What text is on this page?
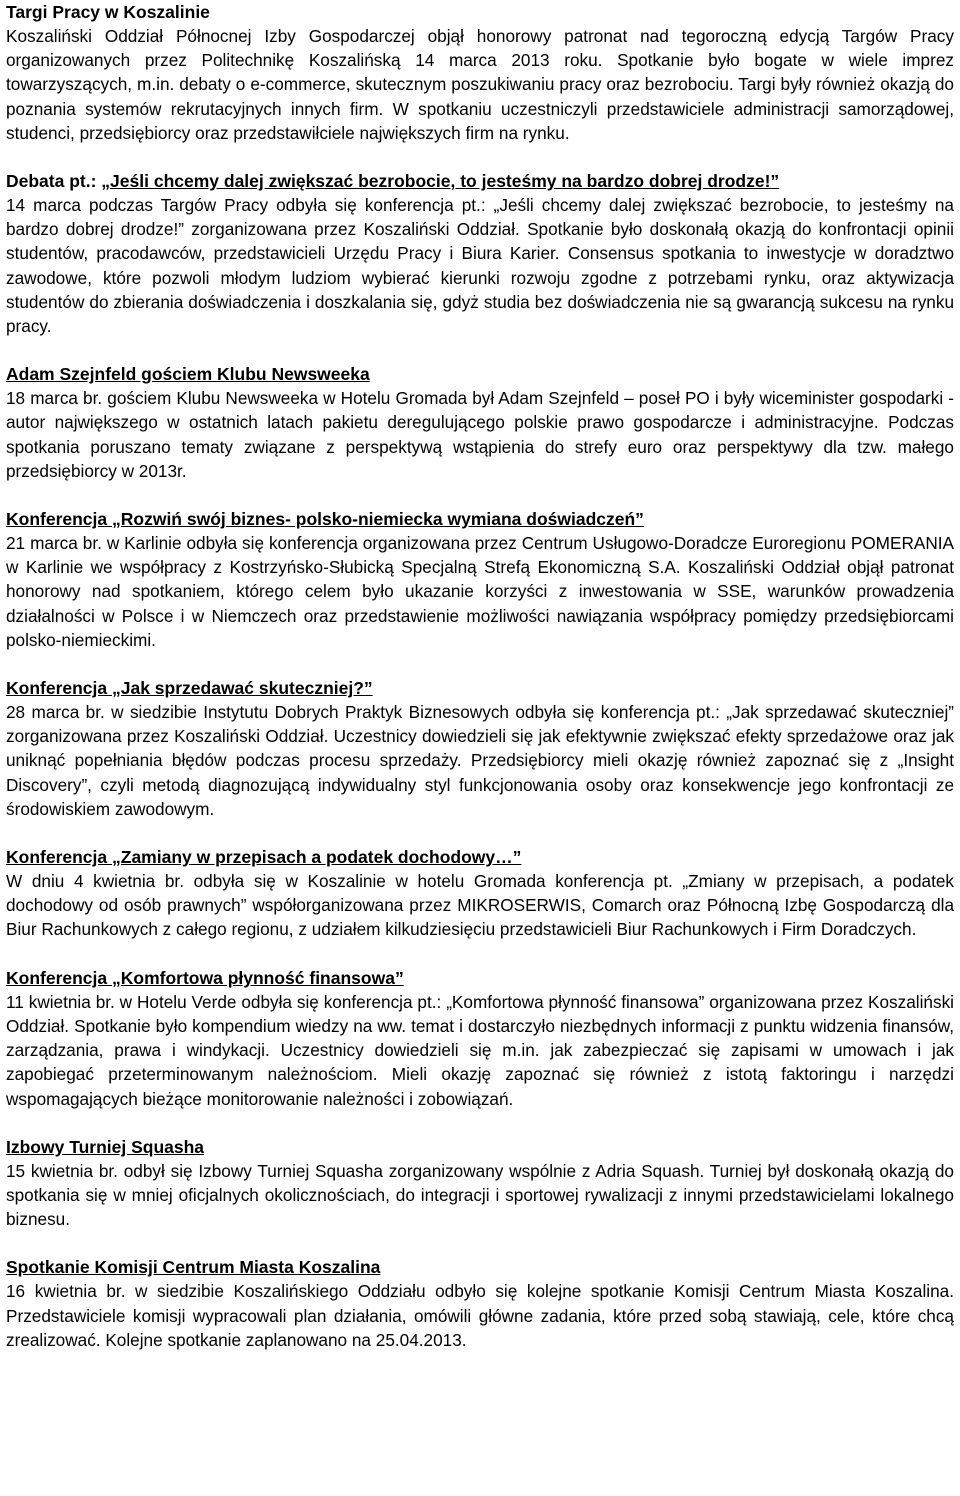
Targi Pracy w Koszalinie

Koszaliński Oddział Północnej Izby Gospodarczej objął honorowy patronat nad tegoroczną edycją Targów Pracy organizowanych przez Politechnikę Koszalińską 14 marca 2013 roku. Spotkanie było bogate w wiele imprez towarzyszących, m.in. debaty o e-commerce, skutecznym poszukiwaniu pracy oraz bezrobociu. Targi były również okazją do poznania systemów rekrutacyjnych innych firm. W spotkaniu uczestniczyli przedstawiciele administracji samorządowej, studenci, przedsiębiorcy oraz przedstawiłciele największych firm na rynku.

Debata pt.: „Jeśli chcemy dalej zwiększać bezrobocie, to jesteśmy na bardzo dobrej drodze!”

14 marca podczas Targów Pracy odbyła się konferencja pt.: „Jeśli chcemy dalej zwiększać bezrobocie, to jesteśmy na bardzo dobrej drodze!” zorganizowana przez Koszaliński Oddział. Spotkanie było doskonałą okazją do konfrontacji opinii studentów, pracodawców, przedstawicieli Urzędu Pracy i Biura Karier. Consensus spotkania to inwestycje w doradztwo zawodowe, które pozwoli młodym ludziom wybierać kierunki rozwoju zgodne z potrzebami rynku, oraz aktywizacja studentów do zbierania doświadczenia i doszkalania się, gdyż studia bez doświadczenia nie są gwarancją sukcesu na rynku pracy.

Adam Szejnfeld gościem Klubu Newsweeka

18 marca br. gościem Klubu Newsweeka w Hotelu Gromada był Adam Szejnfeld – poseł PO i były wiceminister gospodarki - autor największego w ostatnich latach pakietu deregulującego polskie prawo gospodarcze i administracyjne. Podczas spotkania poruszano tematy związane z perspektywą wstąpienia do strefy euro oraz perspektywy dla tzw. małego przedsiębiorcy w 2013r.

Konferencja „Rozwiń swój biznes- polsko-niemiecka wymiana doświadczeń”

21 marca br. w Karlinie odbyła się konferencja organizowana przez Centrum Usługowo-Doradcze Euroregionu POMERANIA w Karlinie we współpracy z Kostrzyńsko-Słubicką Specjalną Strefą Ekonomiczną S.A. Koszaliński Oddział objął patronat honorowy nad spotkaniem, którego celem było ukazanie korzyści z inwestowania w SSE, warunków prowadzenia działalności w Polsce i w Niemczech oraz przedstawienie możliwości nawiązania współpracy pomiędzy przedsiębiorcami polsko-niemieckimi.

Konferencja „Jak sprzedawać skuteczniej?”

28 marca br. w siedzibie Instytutu Dobrych Praktyk Biznesowych odbyła się konferencja pt.: „Jak sprzedawać skuteczniej” zorganizowana przez Koszaliński Oddział. Uczestnicy dowiedzieli się jak efektywnie zwiększać efekty sprzedażowe oraz jak uniknąć popełniania błędów podczas procesu sprzedaży. Przedsiębiorcy mieli okazję również zapoznać się z „Insight Discovery”, czyli metodą diagnozującą indywidualny styl funkcjonowania osoby oraz konsekwencje jego konfrontacji ze środowiskiem zawodowym.

Konferencja „Zamiany w przepisach a podatek dochodowy…”

W dniu 4 kwietnia br. odbyła się w Koszalinie w hotelu Gromada konferencja pt. „Zmiany w przepisach, a podatek dochodowy od osób prawnych” współorganizowana przez MIKROSERWIS, Comarch oraz Północną Izbę Gospodarczą dla Biur Rachunkowych z całego regionu, z udziałem kilkudziesięciu przedstawicieli Biur Rachunkowych i Firm Doradczych.

Konferencja „Komfortowa płynność finansowa”

11 kwietnia br. w Hotelu Verde odbyła się konferencja pt.: „Komfortowa płynność finansowa” organizowana przez Koszaliński Oddział. Spotkanie było kompendium wiedzy na ww. temat i dostarczyło niezbędnych informacji z punktu widzenia finansów, zarządzania, prawa i windykacji. Uczestnicy dowiedzieli się m.in. jak zabezpieczać się zapisami w umowach i jak zapobiegać przeterminowanym należnościom. Mieli okazję zapoznać się również z istotą faktoringu i narzędzi wspomagających bieżące monitorowanie należności i zobowiązań.

Izbowy Turniej Squasha

15 kwietnia br. odbył się Izbowy Turniej Squasha zorganizowany wspólnie z Adria Squash. Turniej był doskonałą okazją do spotkania się w mniej oficjalnych okolicznościach, do integracji i sportowej rywalizacji z innymi przedstawicielami lokalnego biznesu.

Spotkanie Komisji Centrum Miasta Koszalina

16 kwietnia br. w siedzibie Koszalińskiego Oddziału odbyło się kolejne spotkanie Komisji Centrum Miasta Koszalina. Przedstawiciele komisji wypracowali plan działania, omówili główne zadania, które przed sobą stawiają, cele, które chcą zrealizować. Kolejne spotkanie zaplanowano na 25.04.2013.
